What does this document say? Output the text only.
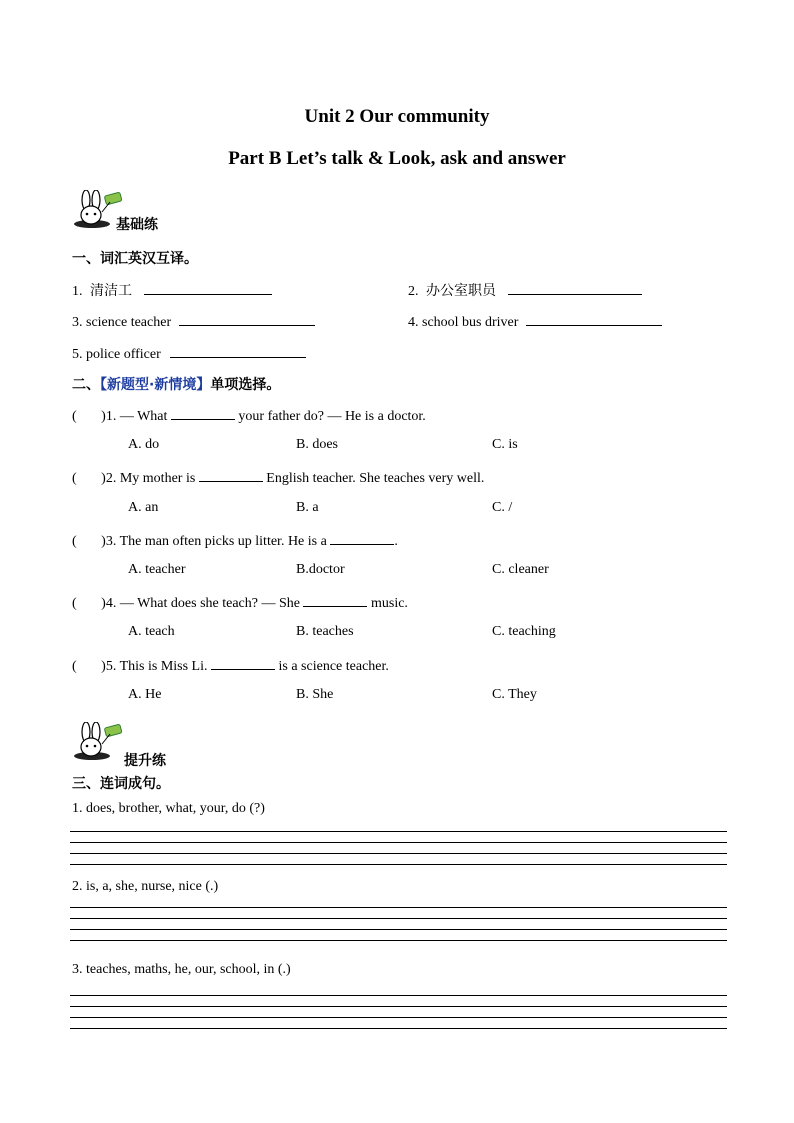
Unit 2 Our community
Part B Let’s talk & Look, ask and answer
基础练
一、词汇英汉互译。
1. 清洁工	2. 办公室职员
3. science teacher	4. school bus driver
5. police officer
二、【新题型·新情境】单项选择。
(       )1. — What	your father do? — He is a doctor.
A. do	B. does	C. is
(       )2. My mother is	English teacher. She teaches very well.
A. an	B. a	C. /
(       )3. The man often picks up litter. He is a	.
A. teacher	B.doctor	C. cleaner
(       )4. — What does she teach? — She	music.
A. teach	B. teaches	C. teaching
(       )5. This is Miss Li.	is a science teacher.
A. He	B. She	C. They
提升练
三、连词成句。
1. does, brother, what, your, do (?)
2. is, a, she, nurse, nice (.)
3. teaches, maths, he, our, school, in (.)
